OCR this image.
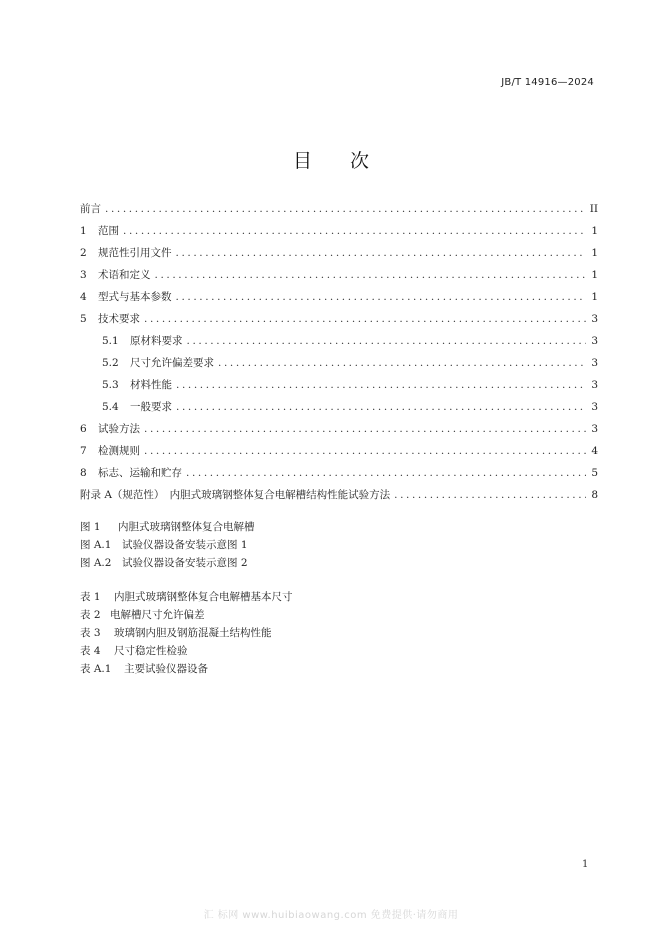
JB/T 14916—2024
目　　次
前言 .....	II
1	范围 .....	1
2	规范性引用文件 .....	1
3	术语和定义 .....	1
4	型式与基本参数 .....	1
5	技术要求 .....	3
5.1	原材料要求 .....	3
5.2	尺寸允许偏差要求 .....	3
5.3	材料性能 .....	3
5.4	一般要求 .....	3
6	试验方法 .....	3
7	检测规则 .....	4
8	标志、运输和贮存 .....	5
附录 A（规范性）　内胆式玻璃钢整体复合电解槽结构性能试验方法 .....	8
图 1 内胆式玻璃钢整体复合电解槽
图 A.1 试验仪器设备安装示意图 1
图 A.2 试验仪器设备安装示意图 2
表 1 内胆式玻璃钢整体复合电解槽基本尺寸
表 2 电解槽尺寸允许偏差
表 3 玻璃钢内胆及钢筋混凝土结构性能
表 4 尺寸稳定性检验
表 A.1 主要试验仪器设备
1
汇 标网 www.huibiaowang.com 免费提供·请勿商用
